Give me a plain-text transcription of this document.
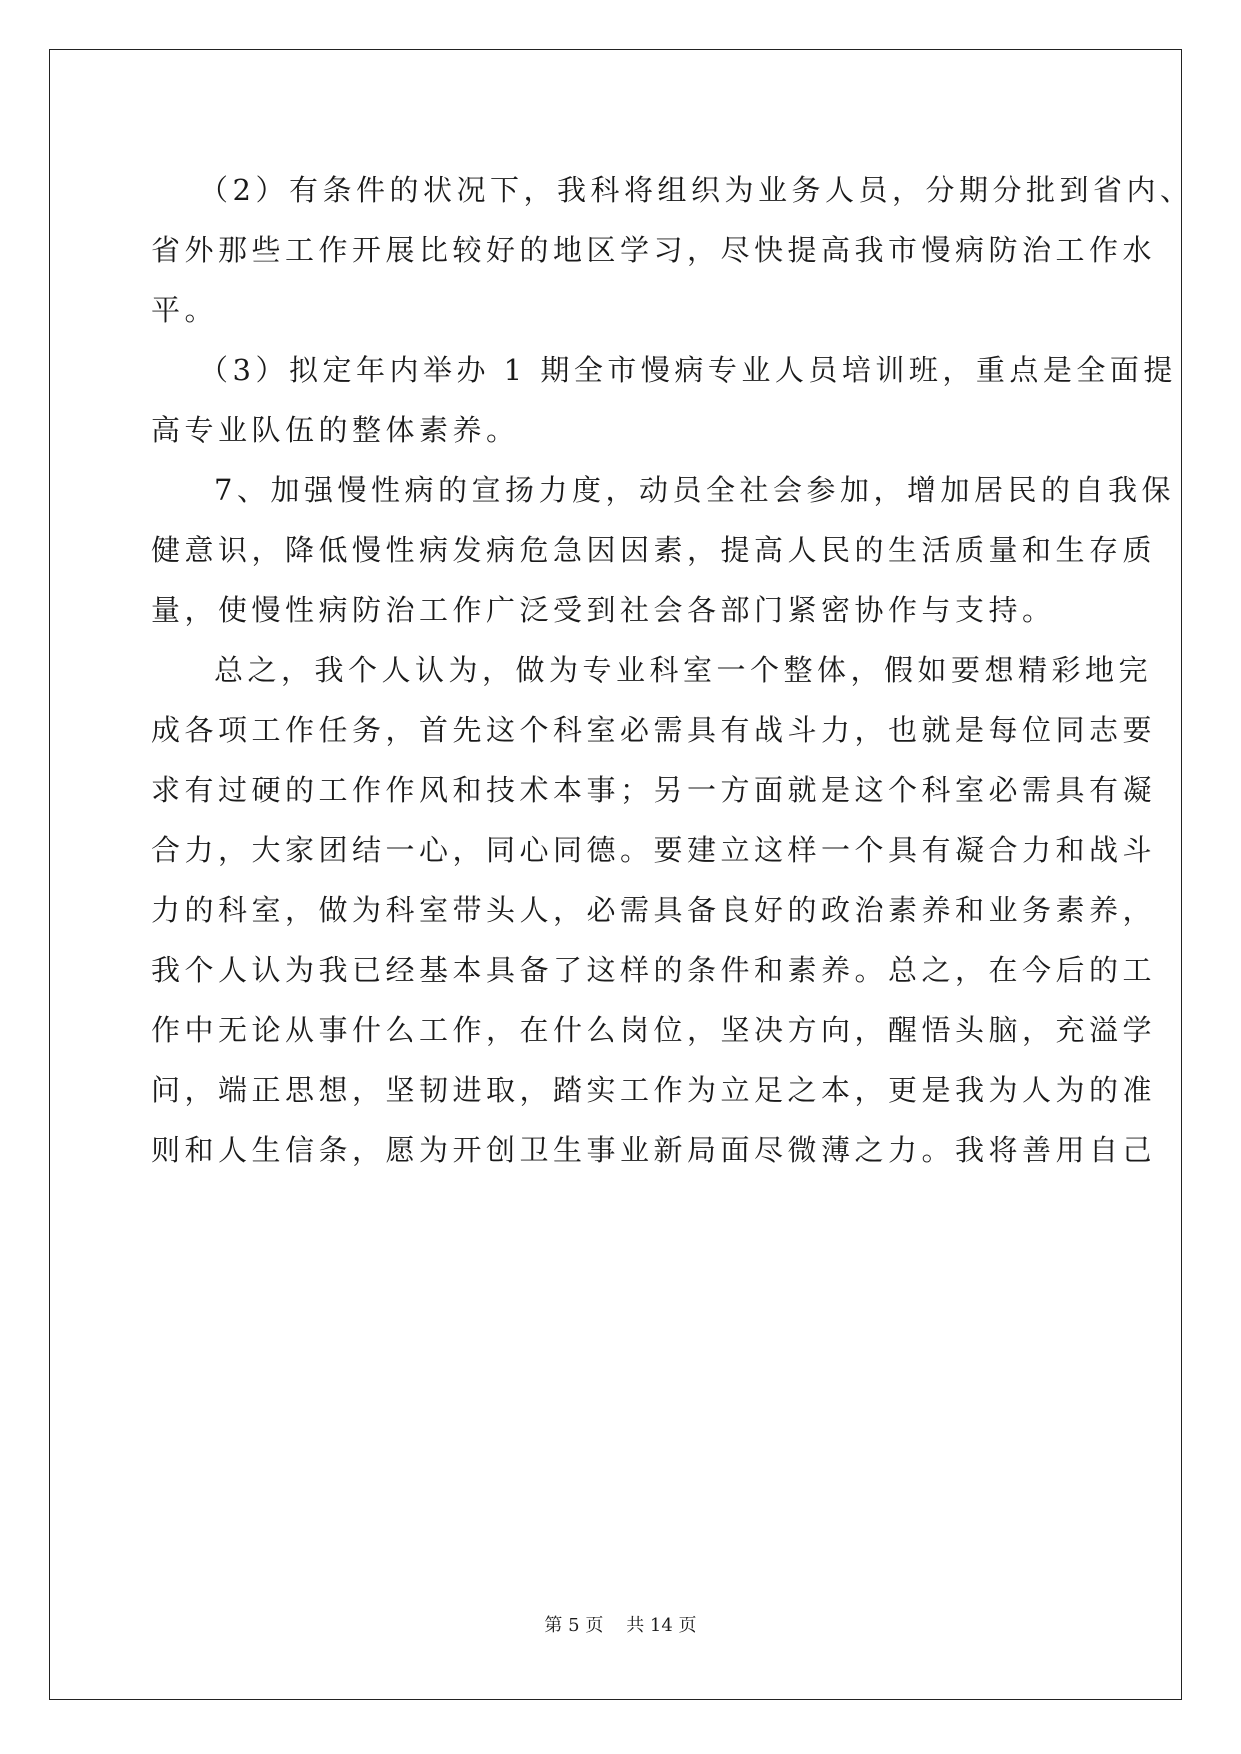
（2）有条件的状况下，我科将组织为业务人员，分期分批到省内、
省外那些工作开展比较好的地区学习，尽快提高我市慢病防治工作水
平。
（3）拟定年内举办 1 期全市慢病专业人员培训班，重点是全面提
高专业队伍的整体素养。
7、加强慢性病的宣扬力度，动员全社会参加，增加居民的自我保
健意识，降低慢性病发病危急因因素，提高人民的生活质量和生存质
量，使慢性病防治工作广泛受到社会各部门紧密协作与支持。
总之，我个人认为，做为专业科室一个整体，假如要想精彩地完
成各项工作任务，首先这个科室必需具有战斗力，也就是每位同志要
求有过硬的工作作风和技术本事；另一方面就是这个科室必需具有凝
合力，大家团结一心，同心同德。要建立这样一个具有凝合力和战斗
力的科室，做为科室带头人，必需具备良好的政治素养和业务素养，
我个人认为我已经基本具备了这样的条件和素养。总之，在今后的工
作中无论从事什么工作，在什么岗位，坚决方向，醒悟头脑，充溢学
问，端正思想，坚韧进取，踏实工作为立足之本，更是我为人为的准
则和人生信条，愿为开创卫生事业新局面尽微薄之力。我将善用自己
第 5 页    共 14 页
